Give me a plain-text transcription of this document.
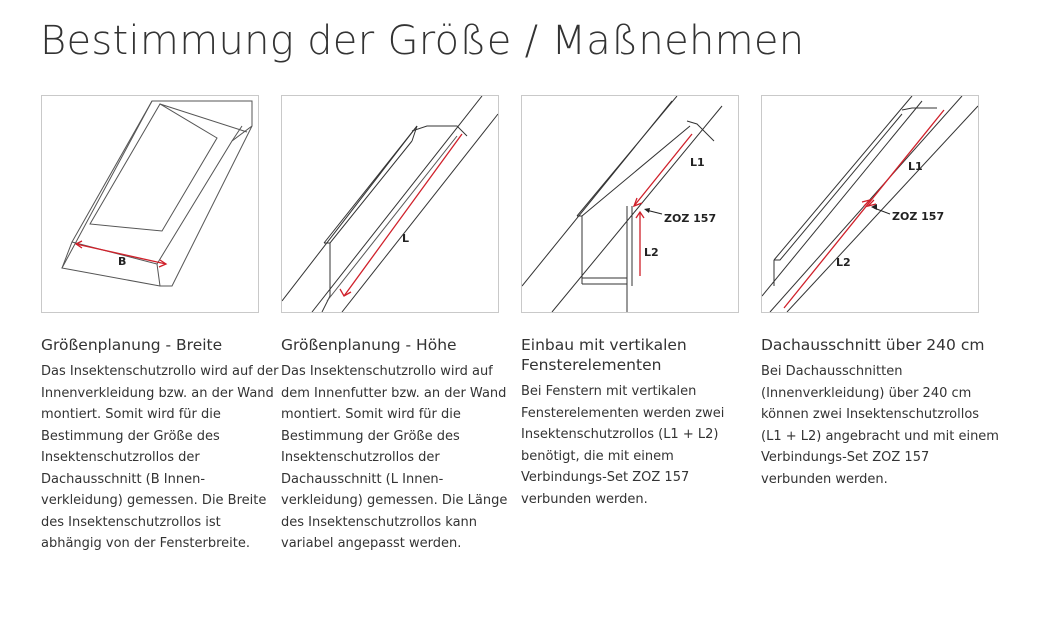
Bestimmung der Größe / Maßnehmen
B
L
L1
L2
ZOZ 157
L1
L2
ZOZ 157
Größenplanung - Breite
Das Insektenschutzrollo wird auf der
Innenverkleidung bzw. an der Wand
montiert. Somit wird für die
Bestimmung der Größe des
Insektenschutzrollos der
Dachausschnitt (B Innen-
verkleidung) gemessen. Die Breite
des Insektenschutzrollos ist
abhängig von der Fensterbreite.
Größenplanung - Höhe
Das Insektenschutzrollo wird auf
dem Innenfutter bzw. an der Wand
montiert. Somit wird für die
Bestimmung der Größe des
Insektenschutzrollos der
Dachausschnitt (L Innen-
verkleidung) gemessen. Die Länge
des Insektenschutzrollos kann
variabel angepasst werden.
Einbau mit vertikalen
Fensterelementen
Bei Fenstern mit vertikalen
Fensterelementen werden zwei
Insektenschutzrollos (L1 + L2)
benötigt, die mit einem
Verbindungs-Set ZOZ 157
verbunden werden.
Dachausschnitt über 240 cm
Bei Dachausschnitten
(Innenverkleidung) über 240 cm
können zwei Insektenschutzrollos
(L1 + L2) angebracht und mit einem
Verbindungs-Set ZOZ 157
verbunden werden.
